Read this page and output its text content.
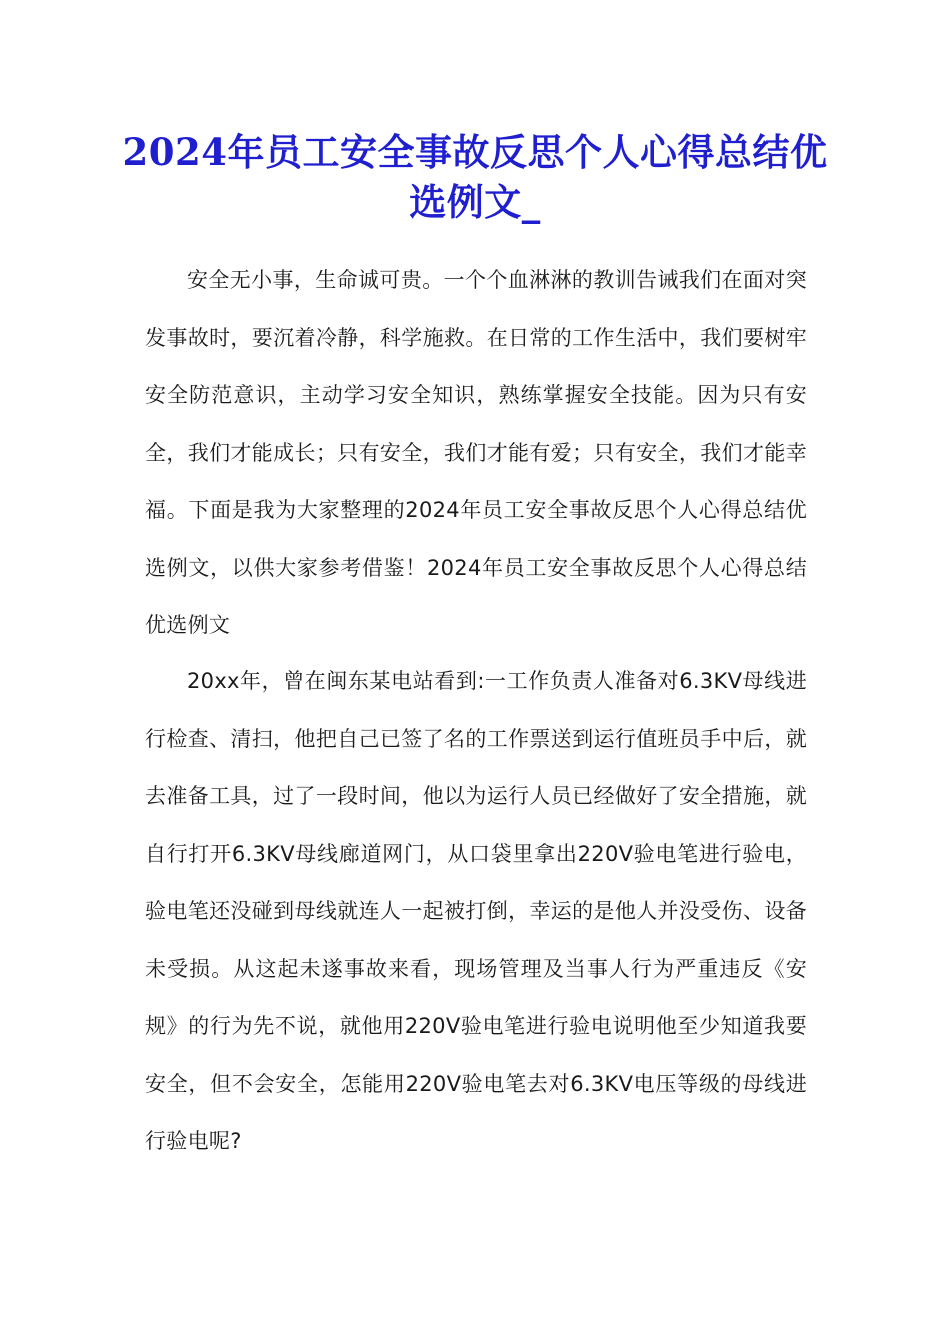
2024年员工安全事故反思个人心得总结优选例文_

安全无小事，生命诚可贵。一个个血淋淋的教训告诫我们在面对突发事故时，要沉着冷静，科学施救。在日常的工作生活中，我们要树牢安全防范意识，主动学习安全知识，熟练掌握安全技能。因为只有安全，我们才能成长；只有安全，我们才能有爱；只有安全，我们才能幸福。下面是我为大家整理的2024年员工安全事故反思个人心得总结优选例文，以供大家参考借鉴！2024年员工安全事故反思个人心得总结优选例文

20xx年，曾在闽东某电站看到:一工作负责人准备对6.3KV母线进行检查、清扫，他把自己已签了名的工作票送到运行值班员手中后，就去准备工具，过了一段时间，他以为运行人员已经做好了安全措施，就自行打开6.3KV母线廊道网门，从口袋里拿出220V验电笔进行验电，验电笔还没碰到母线就连人一起被打倒，幸运的是他人并没受伤、设备未受损。从这起未遂事故来看，现场管理及当事人行为严重违反《安规》的行为先不说，就他用220V验电笔进行验电说明他至少知道我要安全，但不会安全，怎能用220V验电笔去对6.3KV电压等级的母线进行验电呢?
